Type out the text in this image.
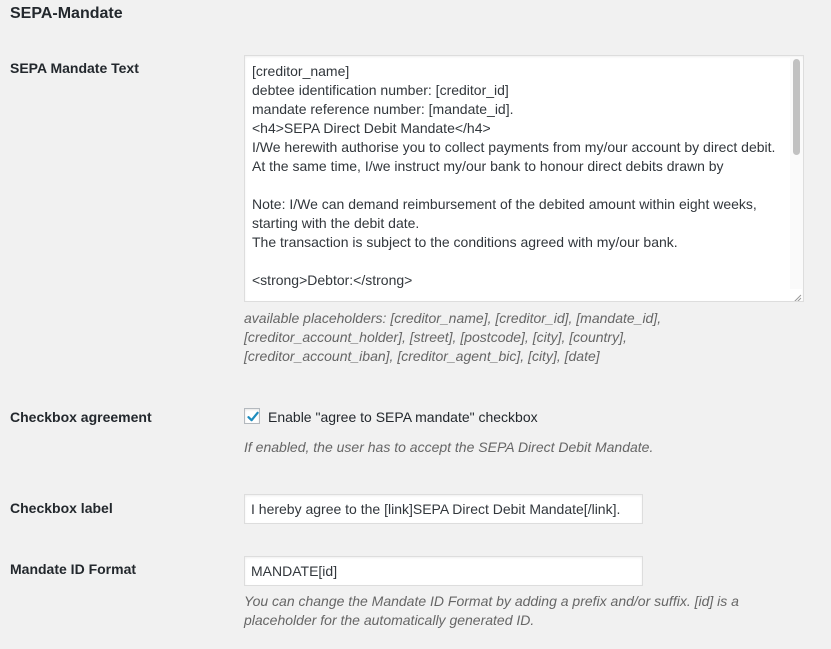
SEPA-Mandate
SEPA Mandate Text	[creditor_name]
debtee identification number: [creditor_id]
mandate reference number: [mandate_id].
<h4>SEPA Direct Debit Mandate</h4>
I/We herewith authorise you to collect payments from my/our account by direct debit.
At the same time, I/we instruct my/our bank to honour direct debits drawn by

Note: I/We can demand reimbursement of the debited amount within eight weeks, starting with the debit date.
The transaction is subject to the conditions agreed with my/our bank.

<strong>Debtor:</strong>
available placeholders: [creditor_name], [creditor_id], [mandate_id],
[creditor_account_holder], [street], [postcode], [city], [country],
[creditor_account_iban], [creditor_agent_bic], [city], [date]
Checkbox agreement	Enable "agree to SEPA mandate" checkbox
If enabled, the user has to accept the SEPA Direct Debit Mandate.
Checkbox label	I hereby agree to the [link]SEPA Direct Debit Mandate[/link].
Mandate ID Format	MANDATE[id]
You can change the Mandate ID Format by adding a prefix and/or suffix. [id] is a
placeholder for the automatically generated ID.
